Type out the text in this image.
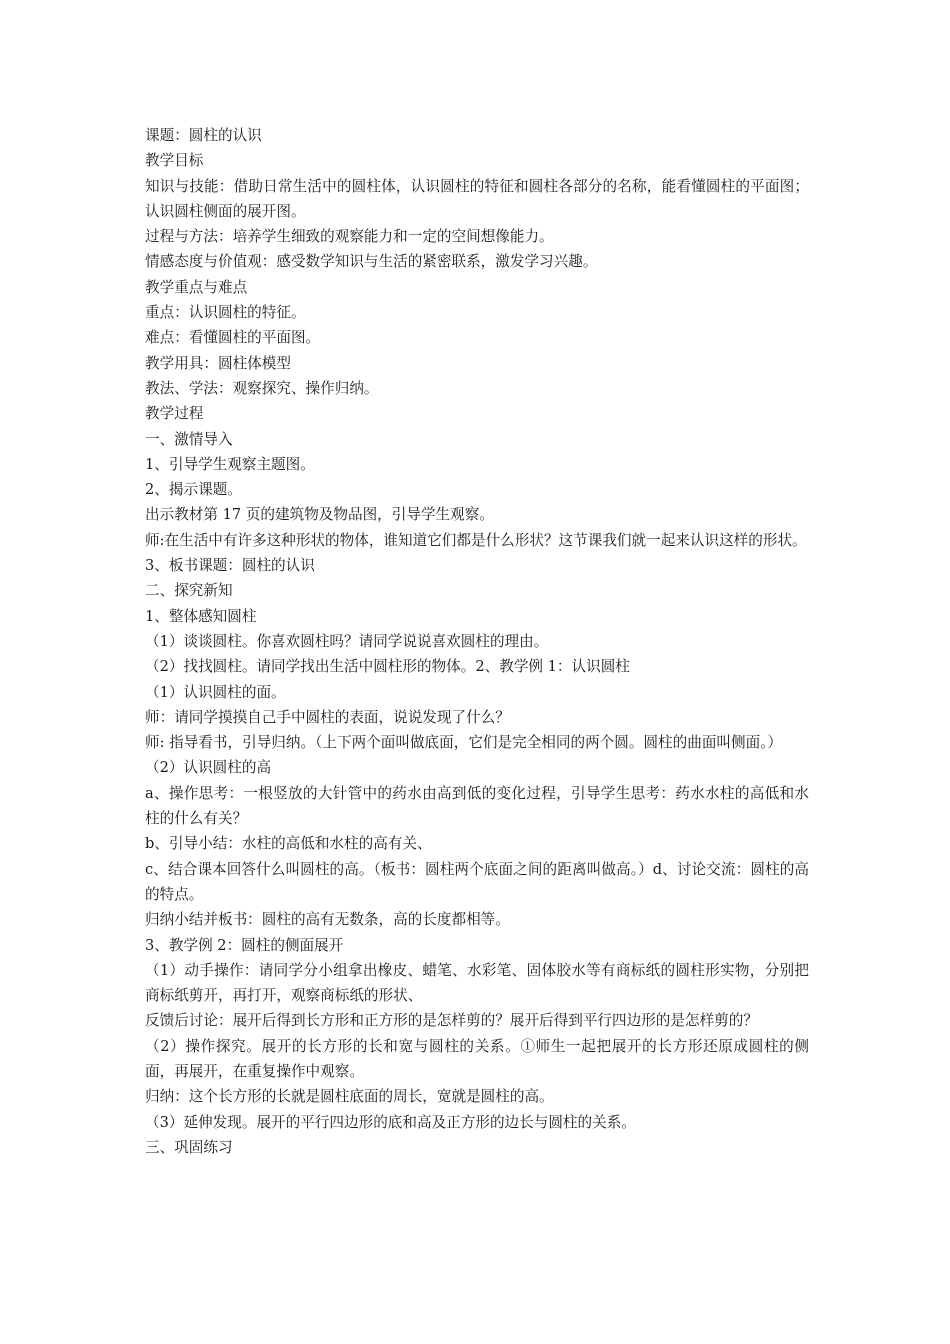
课题：圆柱的认识

教学目标

知识与技能：借助日常生活中的圆柱体，认识圆柱的特征和圆柱各部分的名称，能看懂圆柱的平面图；认识圆柱侧面的展开图。

过程与方法：培养学生细致的观察能力和一定的空间想像能力。

情感态度与价值观：感受数学知识与生活的紧密联系，激发学习兴趣。

教学重点与难点

重点：认识圆柱的特征。

难点：看懂圆柱的平面图。

教学用具：圆柱体模型

教法、学法：观察探究、操作归纳。

教学过程

一、激情导入

1、引导学生观察主题图。

2、揭示课题。

出示教材第 17 页的建筑物及物品图，引导学生观察。

师:在生活中有许多这种形状的物体，谁知道它们都是什么形状？这节课我们就一起来认识这样的形状。

3、板书课题：圆柱的认识

二、探究新知

1、整体感知圆柱

（1）谈谈圆柱。你喜欢圆柱吗？请同学说说喜欢圆柱的理由。

（2）找找圆柱。请同学找出生活中圆柱形的物体。2、教学例 1：认识圆柱

（1）认识圆柱的面。

师：请同学摸摸自己手中圆柱的表面，说说发现了什么？

师: 指导看书，引导归纳。（上下两个面叫做底面，它们是完全相同的两个圆。圆柱的曲面叫侧面。）

（2）认识圆柱的高

a、操作思考：一根竖放的大针管中的药水由高到低的变化过程，引导学生思考：药水水柱的高低和水柱的什么有关？

b、引导小结：水柱的高低和水柱的高有关、

c、结合课本回答什么叫圆柱的高。（板书：圆柱两个底面之间的距离叫做高。）d、讨论交流：圆柱的高的特点。

归纳小结并板书：圆柱的高有无数条，高的长度都相等。

3、教学例 2：圆柱的侧面展开

（1）动手操作：请同学分小组拿出橡皮、蜡笔、水彩笔、固体胶水等有商标纸的圆柱形实物，分别把商标纸剪开，再打开，观察商标纸的形状、

反馈后讨论：展开后得到长方形和正方形的是怎样剪的？展开后得到平行四边形的是怎样剪的？

（2）操作探究。展开的长方形的长和宽与圆柱的关系。①师生一起把展开的长方形还原成圆柱的侧面，再展开，在重复操作中观察。

归纳：这个长方形的长就是圆柱底面的周长，宽就是圆柱的高。

（3）延伸发现。展开的平行四边形的底和高及正方形的边长与圆柱的关系。

三、巩固练习
